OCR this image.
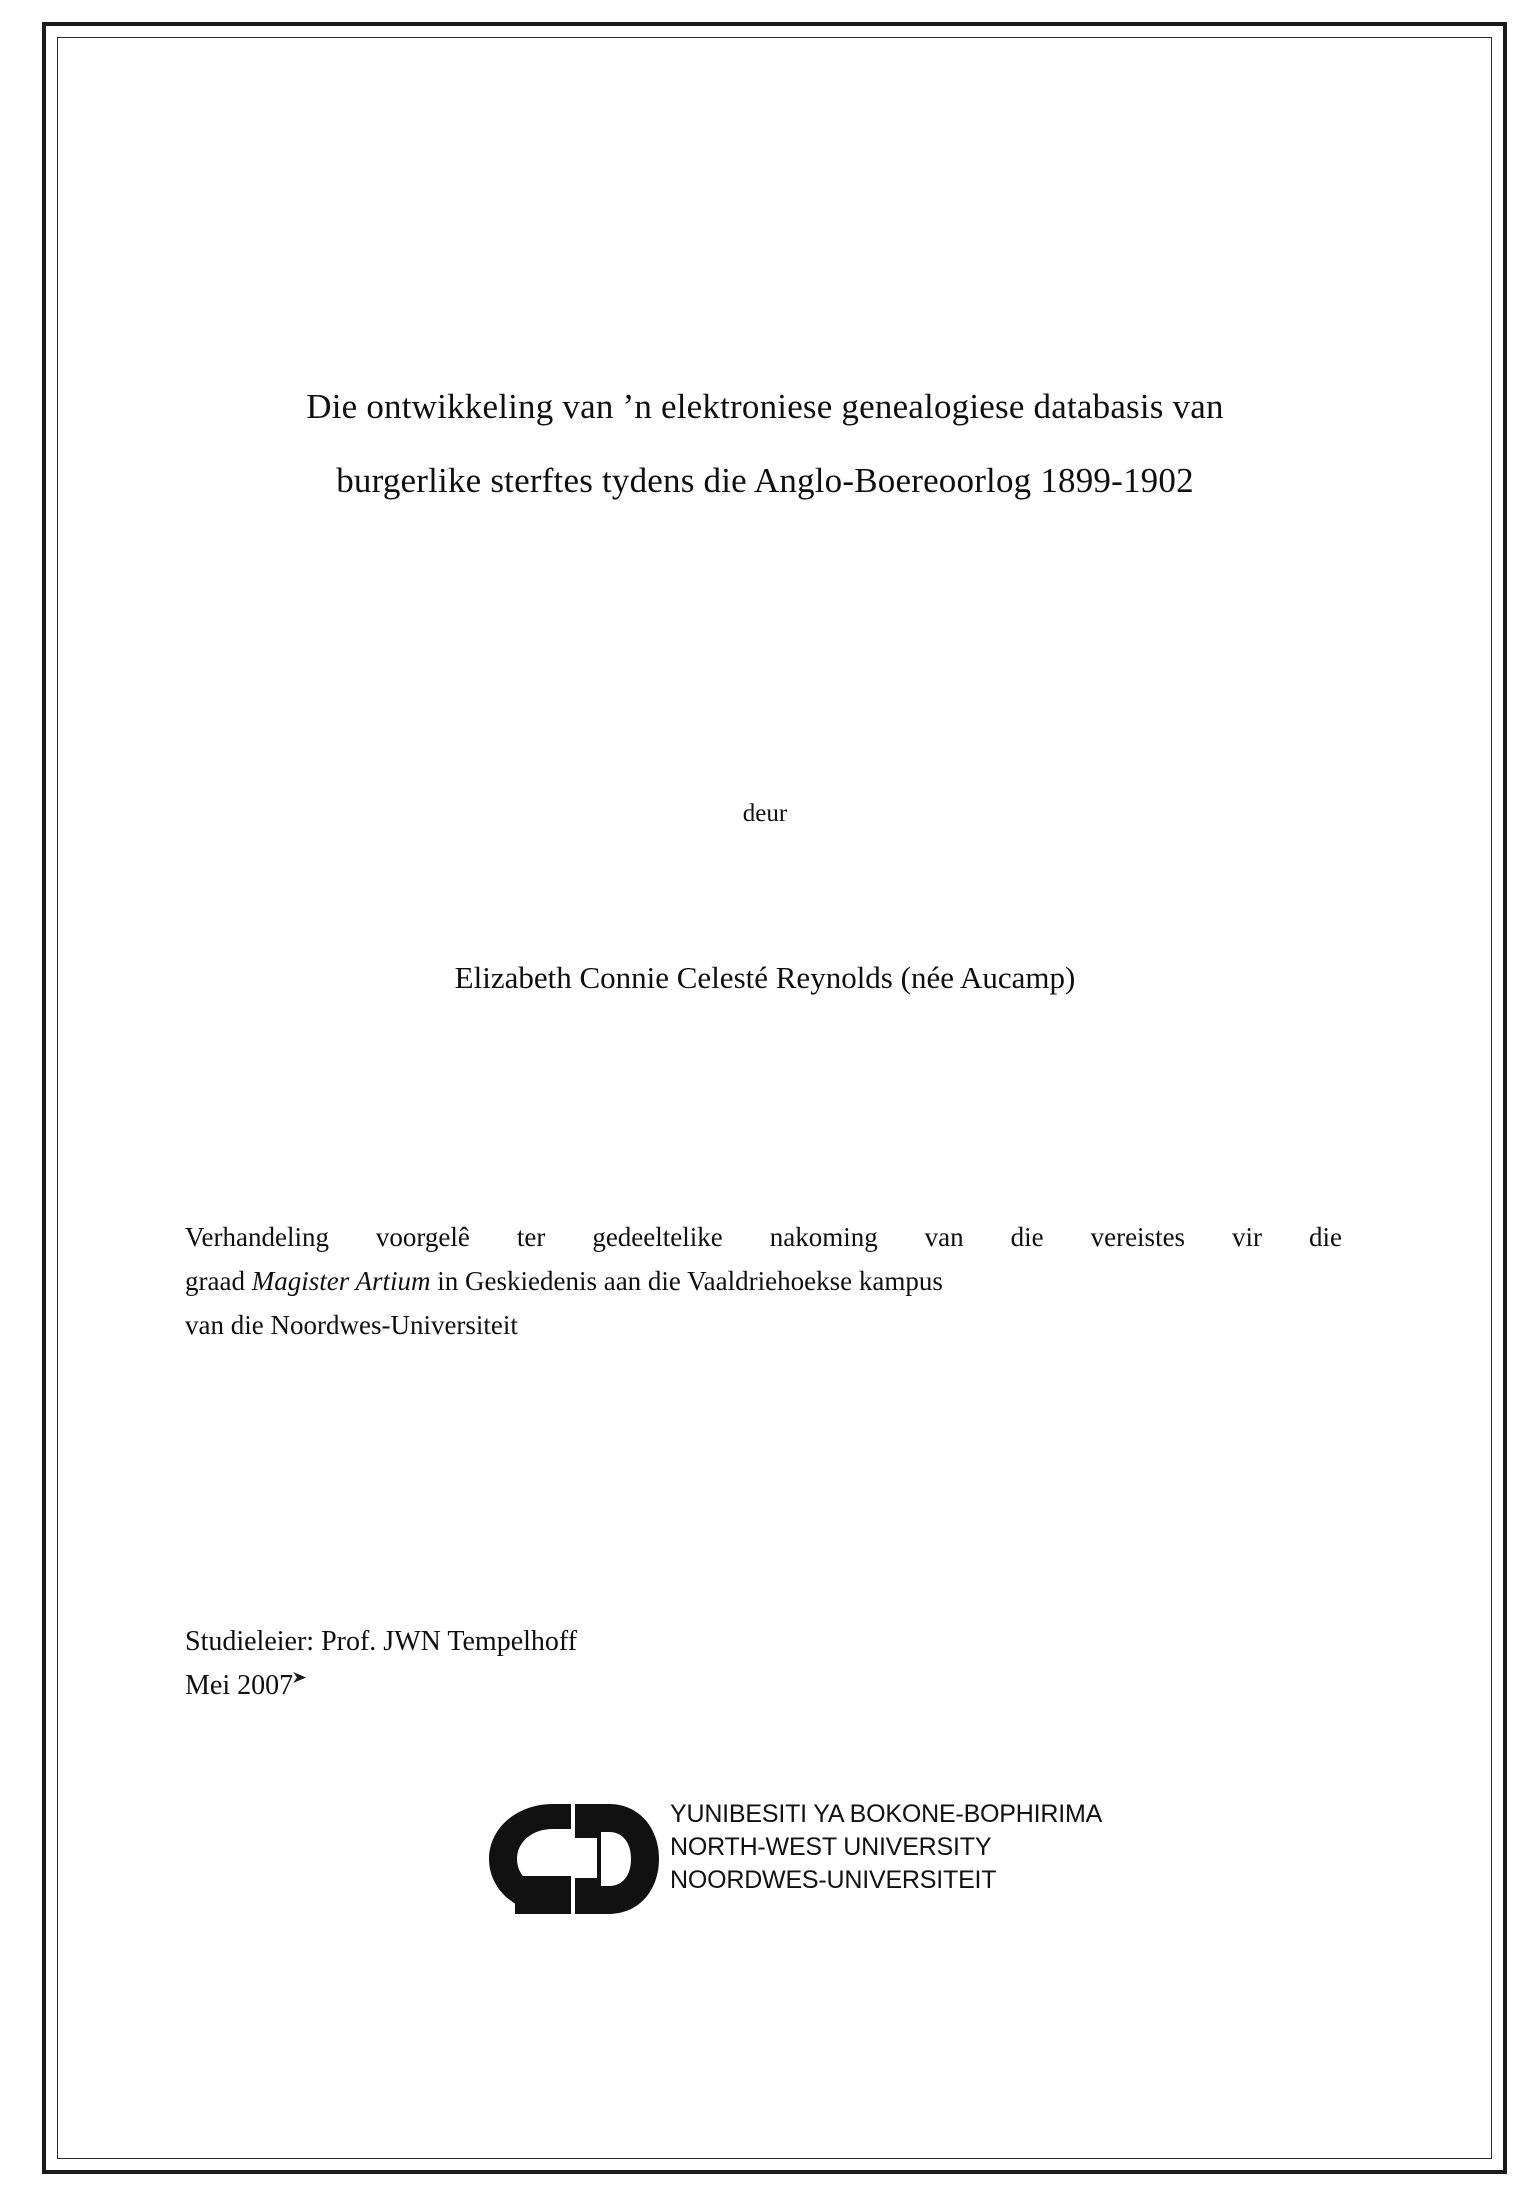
Die ontwikkeling van ’n elektroniese genealogiese databasis van
burgerlike sterftes tydens die Anglo-Boereoorlog 1899-1902
deur
Elizabeth Connie Celesté Reynolds (née Aucamp)
Verhandeling voorgelê ter gedeeltelike nakoming van die vereistes vir die
graad Magister Artium in Geskiedenis aan die Vaaldriehoekse kampus
van die Noordwes-Universiteit
Studieleier: Prof. JWN Tempelhoff
Mei 2007
YUNIBESITI YA BOKONE-BOPHIRIMA
NORTH-WEST UNIVERSITY
NOORDWES-UNIVERSITEIT
